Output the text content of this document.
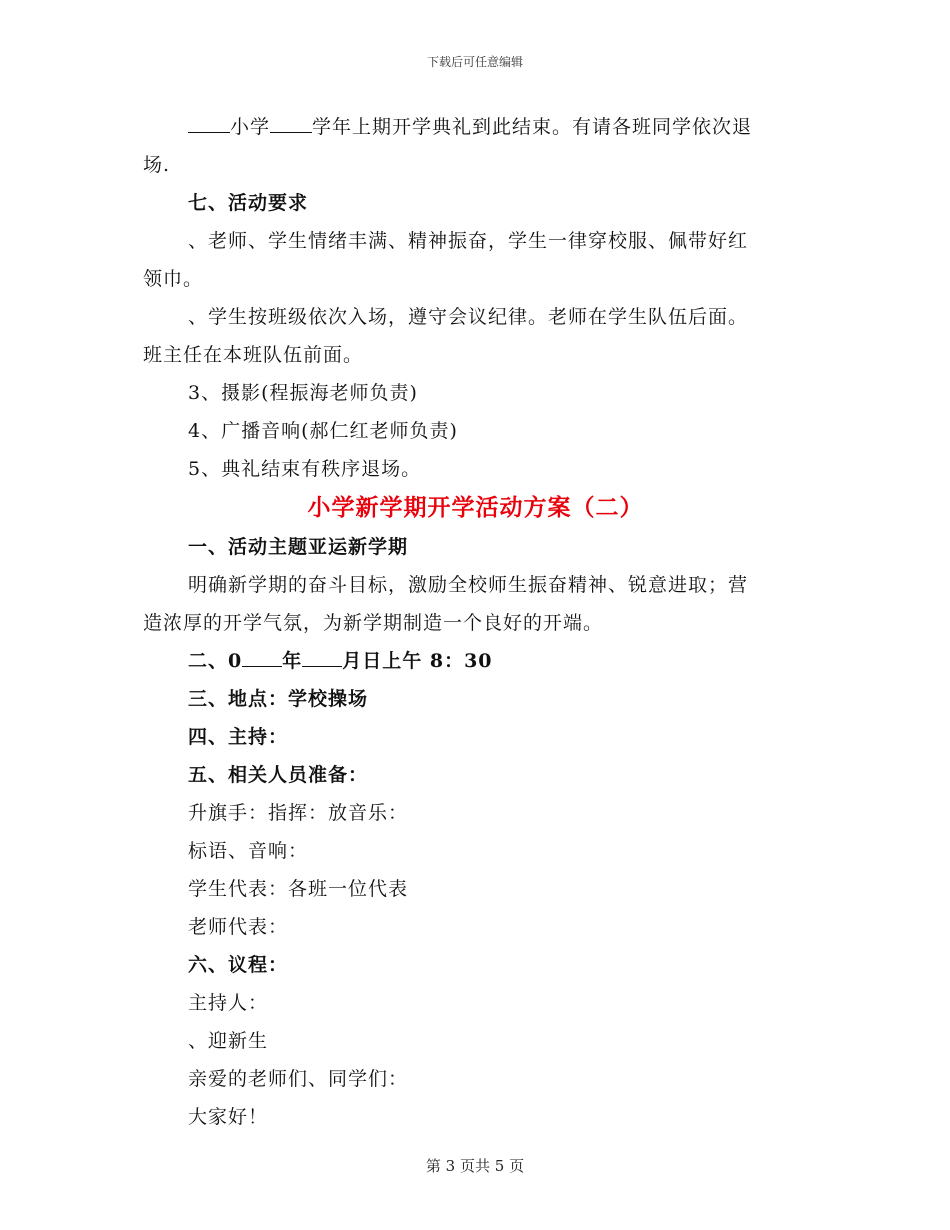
下载后可任意编辑

小学 学年上期开学典礼到此结束。有请各班同学依次退

场.

七、活动要求

、老师、学生情绪丰满、精神振奋，学生一律穿校服、佩带好红

领巾。

、学生按班级依次入场，遵守会议纪律。老师在学生队伍后面。

班主任在本班队伍前面。

3、摄影(程振海老师负责)

4、广播音响(郝仁红老师负责)

5、典礼结束有秩序退场。

小学新学期开学活动方案（二）

一、活动主题亚运新学期

明确新学期的奋斗目标，激励全校师生振奋精神、锐意进取；营

造浓厚的开学气氛，为新学期制造一个良好的开端。

二、0 年 月日上午 8：30

三、地点：学校操场

四、主持：

五、相关人员准备：

升旗手：指挥：放音乐：

标语、音响：

学生代表：各班一位代表

老师代表：

六、议程：

主持人：

、迎新生

亲爱的老师们、同学们：

大家好！

第 3 页共 5 页
